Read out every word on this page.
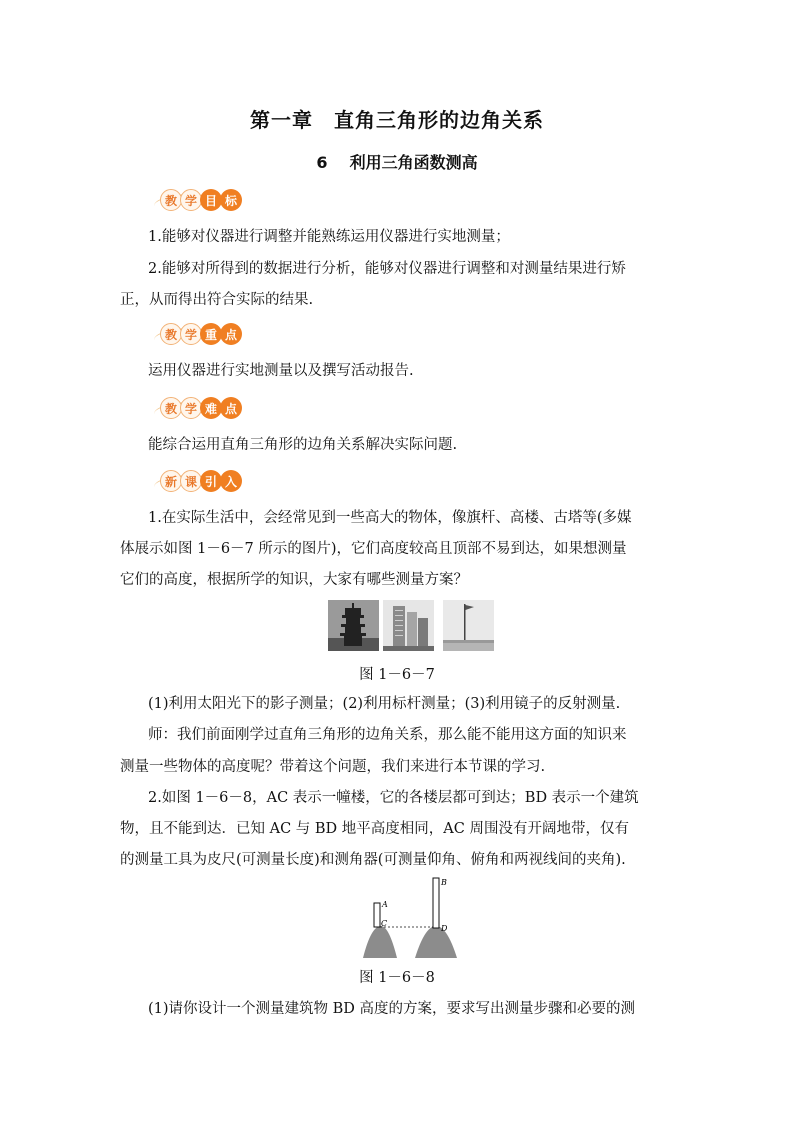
第一章　直角三角形的边角关系
6 利用三角函数测高
教 学 目 标
1.能够对仪器进行调整并能熟练运用仪器进行实地测量；
2.能够对所得到的数据进行分析，能够对仪器进行调整和对测量结果进行矫
正，从而得出符合实际的结果.
教 学 重 点
运用仪器进行实地测量以及撰写活动报告.
教 学 难 点
能综合运用直角三角形的边角关系解决实际问题.
新 课 引 入
1.在实际生活中，会经常见到一些高大的物体，像旗杆、高楼、古塔等(多媒
体展示如图 1－6－7 所示的图片)，它们高度较高且顶部不易到达，如果想测量
它们的高度，根据所学的知识，大家有哪些测量方案？
图 1－6－7
(1)利用太阳光下的影子测量；(2)利用标杆测量；(3)利用镜子的反射测量.
师：我们前面刚学过直角三角形的边角关系，那么能不能用这方面的知识来
测量一些物体的高度呢？带着这个问题，我们来进行本节课的学习.
2.如图 1－6－8，AC 表示一幢楼，它的各楼层都可到达；BD 表示一个建筑
物，且不能到达．已知 AC 与 BD 地平高度相同，AC 周围没有开阔地带，仅有
的测量工具为皮尺(可测量长度)和测角器(可测量仰角、俯角和两视线间的夹角).
A
B
C
D
图 1－6－8
(1)请你设计一个测量建筑物 BD 高度的方案，要求写出测量步骤和必要的测
